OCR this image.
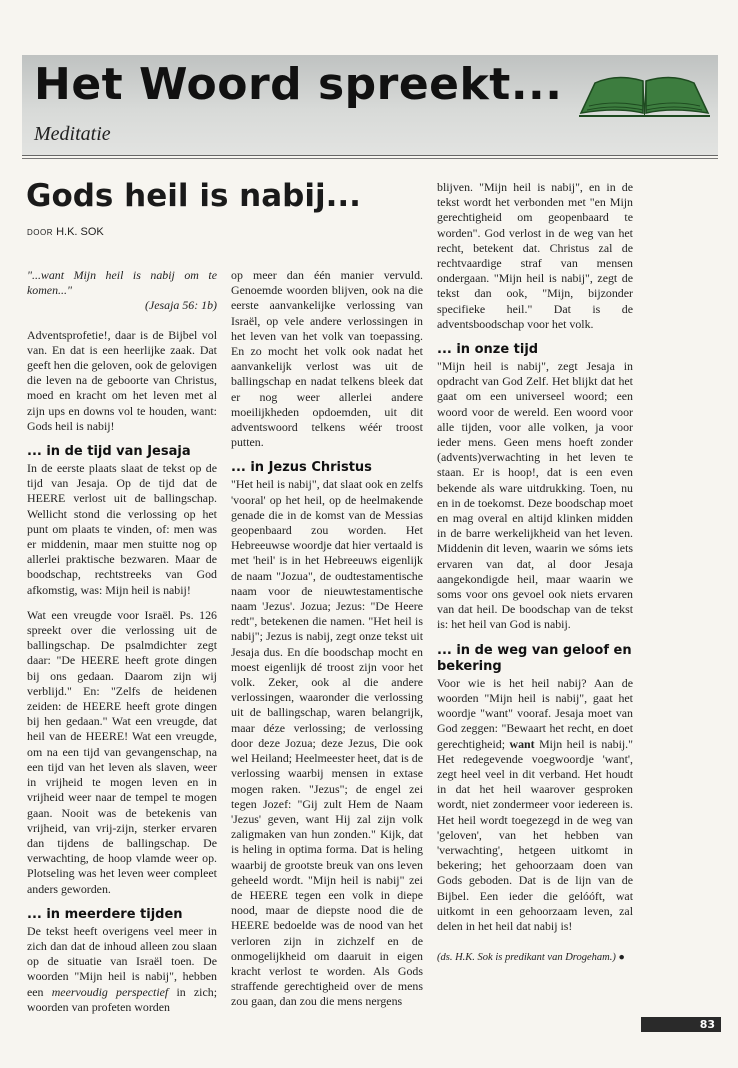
Het Woord spreekt...
Meditatie
Gods heil is nabij...
DOOR H.K. SOK
"...want Mijn heil is nabij om te komen..."
(Jesaja 56: 1b)

Adventsprofetie!, daar is de Bijbel vol van. En dat is een heerlijke zaak. Dat geeft hen die geloven, ook de gelovigen die leven na de geboorte van Christus, moed en kracht om het leven met al zijn ups en downs vol te houden, want: Gods heil is nabij!

... in de tijd van Jesaja

In de eerste plaats slaat de tekst op de tijd van Jesaja. Op de tijd dat de HEERE verlost uit de ballingschap. Wellicht stond die verlossing op het punt om plaats te vinden, of: men was er middenin, maar men stuitte nog op allerlei praktische bezwaren. Maar de boodschap, rechtstreeks van God afkomstig, was: Mijn heil is nabij!

Wat een vreugde voor Israël. Ps. 126 spreekt over die verlossing uit de ballingschap. De psalmdichter zegt daar: "De HEERE heeft grote dingen bij ons gedaan. Daarom zijn wij verblijd." En: "Zelfs de heidenen zeiden: de HEERE heeft grote dingen bij hen gedaan." Wat een vreugde, dat heil van de HEERE! Wat een vreugde, om na een tijd van gevangenschap, na een tijd van het leven als slaven, weer in vrijheid te mogen leven en in vrijheid weer naar de tempel te mogen gaan. Nooit was de betekenis van vrijheid, van vrij-zijn, sterker ervaren dan tijdens de ballingschap. De verwachting, de hoop vlamde weer op. Plotseling was het leven weer compleet anders geworden.

... in meerdere tijden

De tekst heeft overigens veel meer in zich dan dat de inhoud alleen zou slaan op de situatie van Israël toen. De woorden "Mijn heil is nabij", hebben een meervoudig perspectief in zich; woorden van profeten worden

op meer dan één manier vervuld. Genoemde woorden blijven, ook na die eerste aanvankelijke verlossing van Israël, op vele andere verlossingen in het leven van het volk van toepassing. En zo mocht het volk ook nadat het aanvankelijk verlost was uit de ballingschap en nadat telkens bleek dat er nog weer allerlei andere moeilijkheden opdoemden, uit dit adventswoord telkens wéér troost putten.

... in Jezus Christus

"Het heil is nabij", dat slaat ook en zelfs 'vooral' op het heil, op de heelmakende genade die in de komst van de Messias geopenbaard zou worden. Het Hebreeuwse woordje dat hier vertaald is met 'heil' is in het Hebreeuws eigenlijk de naam "Jozua", de oudtestamentische naam voor de nieuwtestamentische naam 'Jezus'. Jozua; Jezus: "De Heere redt", betekenen die namen. "Het heil is nabij"; Jezus is nabij, zegt onze tekst uit Jesaja dus. En díe boodschap mocht en moest eigenlijk dé troost zijn voor het volk. Zeker, ook al die andere verlossingen, waaronder die verlossing uit de ballingschap, waren belangrijk, maar déze verlossing; de verlossing door deze Jozua; deze Jezus, Die ook wel Heiland; Heelmeester heet, dat is de verlossing waarbij mensen in extase mogen raken. "Jezus"; de engel zei tegen Jozef: "Gij zult Hem de Naam 'Jezus' geven, want Hij zal zijn volk zaligmaken van hun zonden." Kijk, dat is heling in optima forma. Dat is heling waarbij de grootste breuk van ons leven geheeld wordt. "Mijn heil is nabij" zei de HEERE tegen een volk in diepe nood, maar de diepste nood die de HEERE bedoelde was de nood van het verloren zijn in zichzelf en de onmogelijkheid om daaruit in eigen kracht verlost te worden. Als Gods straffende gerechtigheid over de mens zou gaan, dan zou die mens nergens

blijven. "Mijn heil is nabij", en in de tekst wordt het verbonden met "en Mijn gerechtigheid om geopenbaard te worden". God verlost in de weg van het recht, betekent dat. Christus zal de rechtvaardige straf van mensen ondergaan. "Mijn heil is nabij", zegt de tekst dan ook, "Mijn, bijzonder specifieke heil." Dat is de adventsboodschap voor het volk.

... in onze tijd

"Mijn heil is nabij", zegt Jesaja in opdracht van God Zelf. Het blijkt dat het gaat om een universeel woord; een woord voor de wereld. Een woord voor alle tijden, voor alle volken, ja voor ieder mens. Geen mens hoeft zonder (advents)verwachting in het leven te staan. Er is hoop!, dat is een even bekende als ware uitdrukking. Toen, nu en in de toekomst. Deze boodschap moet en mag overal en altijd klinken midden in de barre werkelijkheid van het leven. Middenin dit leven, waarin we sóms iets ervaren van dat, al door Jesaja aangekondigde heil, maar waarin we soms voor ons gevoel ook niets ervaren van dat heil. De boodschap van de tekst is: het heil van God is nabij.

... in de weg van geloof en bekering

Voor wie is het heil nabij? Aan de woorden "Mijn heil is nabij", gaat het woordje "want" vooraf. Jesaja moet van God zeggen: "Bewaart het recht, en doet gerechtigheid; want Mijn heil is nabij." Het redegevende voegwoordje 'want', zegt heel veel in dit verband. Het houdt in dat het heil waarover gesproken wordt, niet zondermeer voor iedereen is. Het heil wordt toegezegd in de weg van 'geloven', van het hebben van 'verwachting', hetgeen uitkomt in bekering; het gehoorzaam doen van Gods geboden. Dat is de lijn van de Bijbel. Een ieder die gelóóft, wat uitkomt in een gehoorzaam leven, zal delen in het heil dat nabij is!

(ds. H.K. Sok is predikant van Drogeham.) ●
83
